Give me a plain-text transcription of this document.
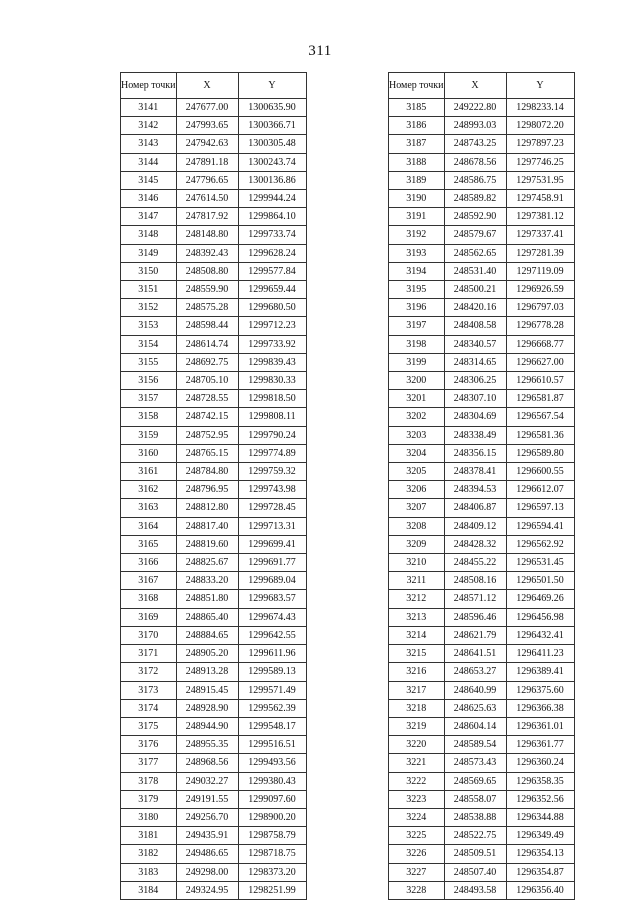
311
Номер точки	X	Y
3141	247677.00	1300635.90
3142	247993.65	1300366.71
3143	247942.63	1300305.48
3144	247891.18	1300243.74
3145	247796.65	1300136.86
3146	247614.50	1299944.24
3147	247817.92	1299864.10
3148	248148.80	1299733.74
3149	248392.43	1299628.24
3150	248508.80	1299577.84
3151	248559.90	1299659.44
3152	248575.28	1299680.50
3153	248598.44	1299712.23
3154	248614.74	1299733.92
3155	248692.75	1299839.43
3156	248705.10	1299830.33
3157	248728.55	1299818.50
3158	248742.15	1299808.11
3159	248752.95	1299790.24
3160	248765.15	1299774.89
3161	248784.80	1299759.32
3162	248796.95	1299743.98
3163	248812.80	1299728.45
3164	248817.40	1299713.31
3165	248819.60	1299699.41
3166	248825.67	1299691.77
3167	248833.20	1299689.04
3168	248851.80	1299683.57
3169	248865.40	1299674.43
3170	248884.65	1299642.55
3171	248905.20	1299611.96
3172	248913.28	1299589.13
3173	248915.45	1299571.49
3174	248928.90	1299562.39
3175	248944.90	1299548.17
3176	248955.35	1299516.51
3177	248968.56	1299493.56
3178	249032.27	1299380.43
3179	249191.55	1299097.60
3180	249256.70	1298900.20
3181	249435.91	1298758.79
3182	249486.65	1298718.75
3183	249298.00	1298373.20
3184	249324.95	1298251.99
Номер точки	X	Y
3185	249222.80	1298233.14
3186	248993.03	1298072.20
3187	248743.25	1297897.23
3188	248678.56	1297746.25
3189	248586.75	1297531.95
3190	248589.82	1297458.91
3191	248592.90	1297381.12
3192	248579.67	1297337.41
3193	248562.65	1297281.39
3194	248531.40	1297119.09
3195	248500.21	1296926.59
3196	248420.16	1296797.03
3197	248408.58	1296778.28
3198	248340.57	1296668.77
3199	248314.65	1296627.00
3200	248306.25	1296610.57
3201	248307.10	1296581.87
3202	248304.69	1296567.54
3203	248338.49	1296581.36
3204	248356.15	1296589.80
3205	248378.41	1296600.55
3206	248394.53	1296612.07
3207	248406.87	1296597.13
3208	248409.12	1296594.41
3209	248428.32	1296562.92
3210	248455.22	1296531.45
3211	248508.16	1296501.50
3212	248571.12	1296469.26
3213	248596.46	1296456.98
3214	248621.79	1296432.41
3215	248641.51	1296411.23
3216	248653.27	1296389.41
3217	248640.99	1296375.60
3218	248625.63	1296366.38
3219	248604.14	1296361.01
3220	248589.54	1296361.77
3221	248573.43	1296360.24
3222	248569.65	1296358.35
3223	248558.07	1296352.56
3224	248538.88	1296344.88
3225	248522.75	1296349.49
3226	248509.51	1296354.13
3227	248507.40	1296354.87
3228	248493.58	1296356.40
